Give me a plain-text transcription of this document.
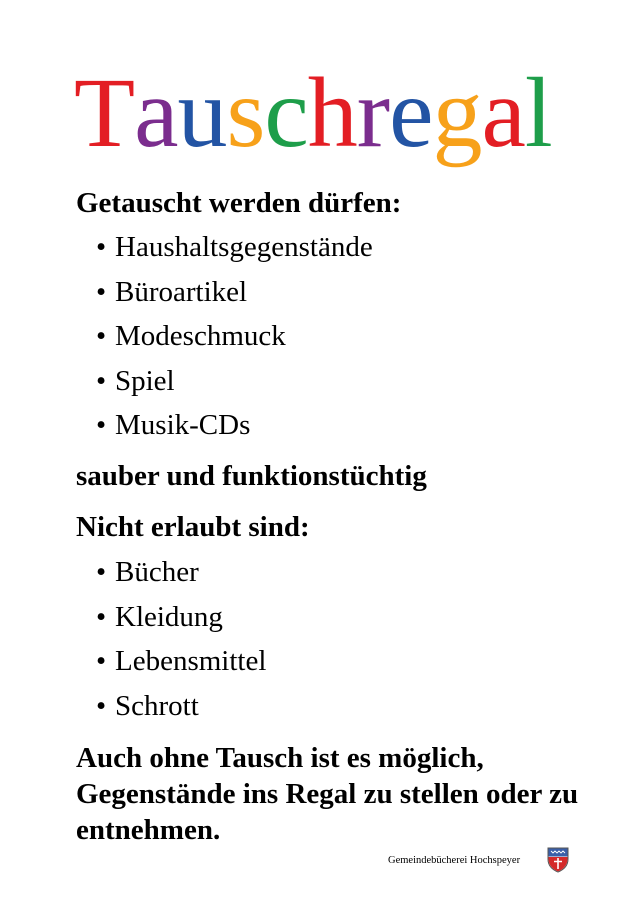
Tauschregal

Getauscht werden dürfen:

• Haushaltsgegenstände
• Büroartikel
• Modeschmuck
• Spiel
• Musik-CDs

sauber und funktionstüchtig

Nicht erlaubt sind:

• Bücher
• Kleidung
• Lebensmittel
• Schrott

Auch ohne Tausch ist es möglich, Gegenstände ins Regal zu stellen oder zu entnehmen.

Gemeindebücherei Hochspeyer
